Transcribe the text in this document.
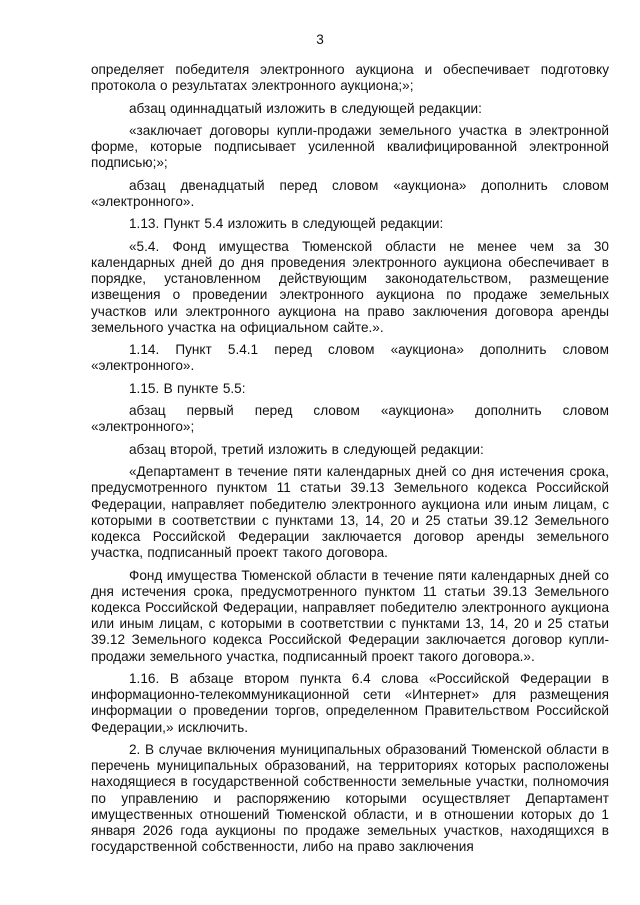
3

определяет победителя электронного аукциона и обеспечивает подготовку протокола о результатах электронного аукциона;»;

абзац одиннадцатый изложить в следующей редакции:

«заключает договоры купли-продажи земельного участка в электронной форме, которые подписывает усиленной квалифицированной электронной подписью;»;

абзац двенадцатый перед словом «аукциона» дополнить словом «электронного».

1.13. Пункт 5.4 изложить в следующей редакции:

«5.4. Фонд имущества Тюменской области не менее чем за 30 календарных дней до дня проведения электронного аукциона обеспечивает в порядке, установленном действующим законодательством, размещение извещения о проведении электронного аукциона по продаже земельных участков или электронного аукциона на право заключения договора аренды земельного участка на официальном сайте.».

1.14. Пункт 5.4.1 перед словом «аукциона» дополнить словом «электронного».

1.15. В пункте 5.5:

абзац первый перед словом «аукциона» дополнить словом «электронного»;

абзац второй, третий изложить в следующей редакции:

«Департамент в течение пяти календарных дней со дня истечения срока, предусмотренного пунктом 11 статьи 39.13 Земельного кодекса Российской Федерации, направляет победителю электронного аукциона или иным лицам, с которыми в соответствии с пунктами 13, 14, 20 и 25 статьи 39.12 Земельного кодекса Российской Федерации заключается договор аренды земельного участка, подписанный проект такого договора.

Фонд имущества Тюменской области в течение пяти календарных дней со дня истечения срока, предусмотренного пунктом 11 статьи 39.13 Земельного кодекса Российской Федерации, направляет победителю электронного аукциона или иным лицам, с которыми в соответствии с пунктами 13, 14, 20 и 25 статьи 39.12 Земельного кодекса Российской Федерации заключается договор купли-продажи земельного участка, подписанный проект такого договора.».

1.16. В абзаце втором пункта 6.4 слова «Российской Федерации в информационно-телекоммуникационной сети «Интернет» для размещения информации о проведении торгов, определенном Правительством Российской Федерации,» исключить.

2. В случае включения муниципальных образований Тюменской области в перечень муниципальных образований, на территориях которых расположены находящиеся в государственной собственности земельные участки, полномочия по управлению и распоряжению которыми осуществляет Департамент имущественных отношений Тюменской области, и в отношении которых до 1 января 2026 года аукционы по продаже земельных участков, находящихся в государственной собственности, либо на право заключения
